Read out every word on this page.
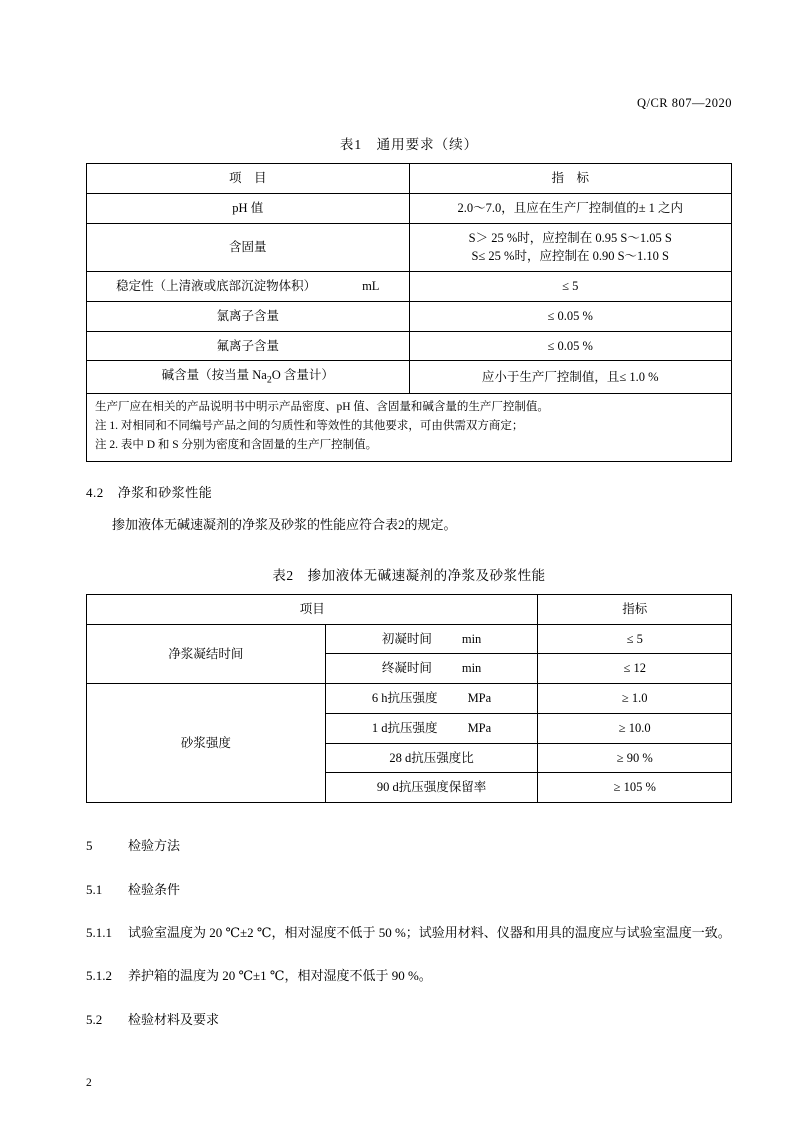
Q/CR 807—2020
表1　通用要求（续）
项　目	指　标
pH 值	2.0～7.0，且应在生产厂控制值的± 1 之内
含固量	S＞ 25 %时，应控制在 0.95 S～1.05 S
S≤ 25 %时，应控制在 0.90 S～1.10 S

稳定性（上清液或底部沉淀物体积） mL	≤ 5
氯离子含量	≤ 0.05 %
氟离子含量	≤ 0.05 %
碱含量（按当量 $Na_2O$ 含量计）	应小于生产厂控制值，且≤ 1.0 %

生产厂应在相关的产品说明书中明示产品密度、pH 值、含固量和碱含量的生产厂控制值。
注 1. 对相同和不同编号产品之间的匀质性和等效性的其他要求，可由供需双方商定；
注 2. 表中 D 和 S 分别为密度和含固量的生产厂控制值。	
4.2 净浆和砂浆性能
掺加液体无碱速凝剂的净浆及砂浆的性能应符合表2的规定。
表2　掺加液体无碱速凝剂的净浆及砂浆性能
项目		指标
净浆凝结时间	初凝时间 min	≤ 5
	终凝时间 min	≤ 12
砂浆强度	6 h抗压强度 MPa	≥ 1.0
	1 d抗压强度 MPa	≥ 10.0
	28 d抗压强度比	≥ 90 %
	90 d抗压强度保留率	≥ 105 %
5	检验方法
5.1 检验条件
5.1.1 试验室温度为 20 ℃±2 ℃，相对湿度不低于 50 %；试验用材料、仪器和用具的温度应与试验室温度一致。
5.1.2 养护箱的温度为 20 ℃±1 ℃，相对湿度不低于 90 %。
5.2 检验材料及要求
2
